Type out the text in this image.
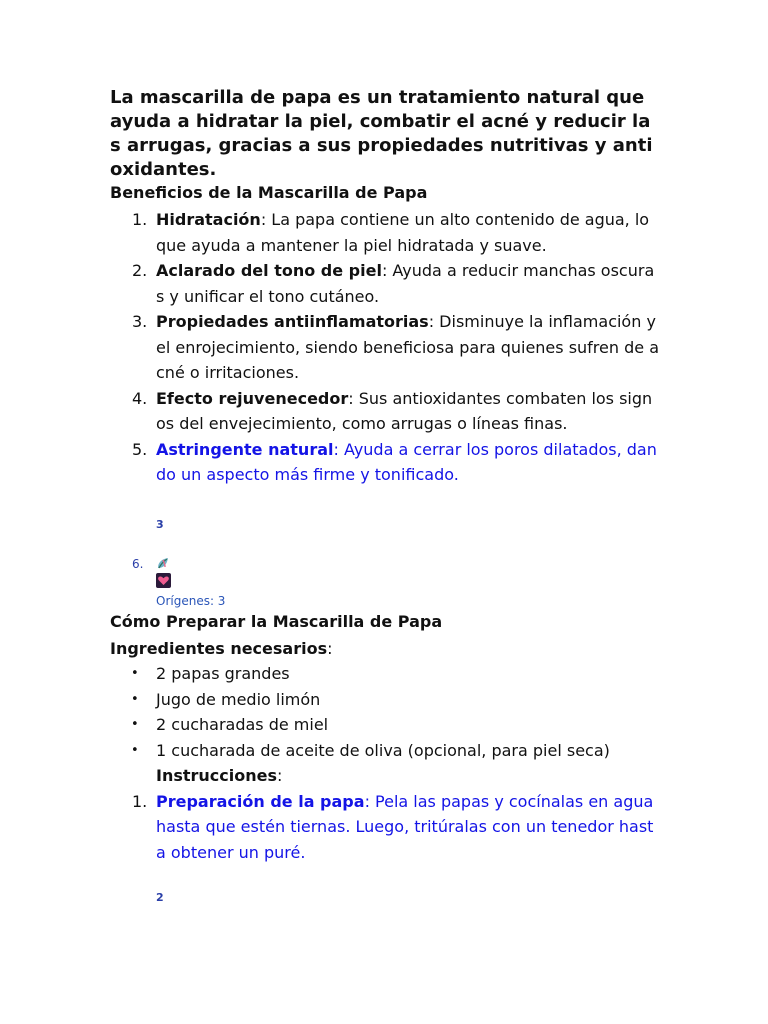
La mascarilla de papa es un tratamiento natural que ayuda a hidratar la piel, combatir el acné y reducir las arrugas, gracias a sus propiedades nutritivas y antioxidantes.

Beneficios de la Mascarilla de Papa
1. Hidratación: La papa contiene un alto contenido de agua, lo que ayuda a mantener la piel hidratada y suave.
2. Aclarado del tono de piel: Ayuda a reducir manchas oscuras y unificar el tono cutáneo.
3. Propiedades antiinflamatorias: Disminuye la inflamación y el enrojecimiento, siendo beneficiosa para quienes sufren de acné o irritaciones.
4. Efecto rejuvenecedor: Sus antioxidantes combaten los signos del envejecimiento, como arrugas o líneas finas.
5. Astringente natural: Ayuda a cerrar los poros dilatados, dando un aspecto más firme y tonificado.
3
6.
Orígenes: 3
Cómo Preparar la Mascarilla de Papa
Ingredientes necesarios:
• 2 papas grandes
• Jugo de medio limón
• 2 cucharadas de miel
• 1 cucharada de aceite de oliva (opcional, para piel seca)
Instrucciones:
1. Preparación de la papa: Pela las papas y cocínalas en agua hasta que estén tiernas. Luego, tritúralas con un tenedor hasta obtener un puré.
2
